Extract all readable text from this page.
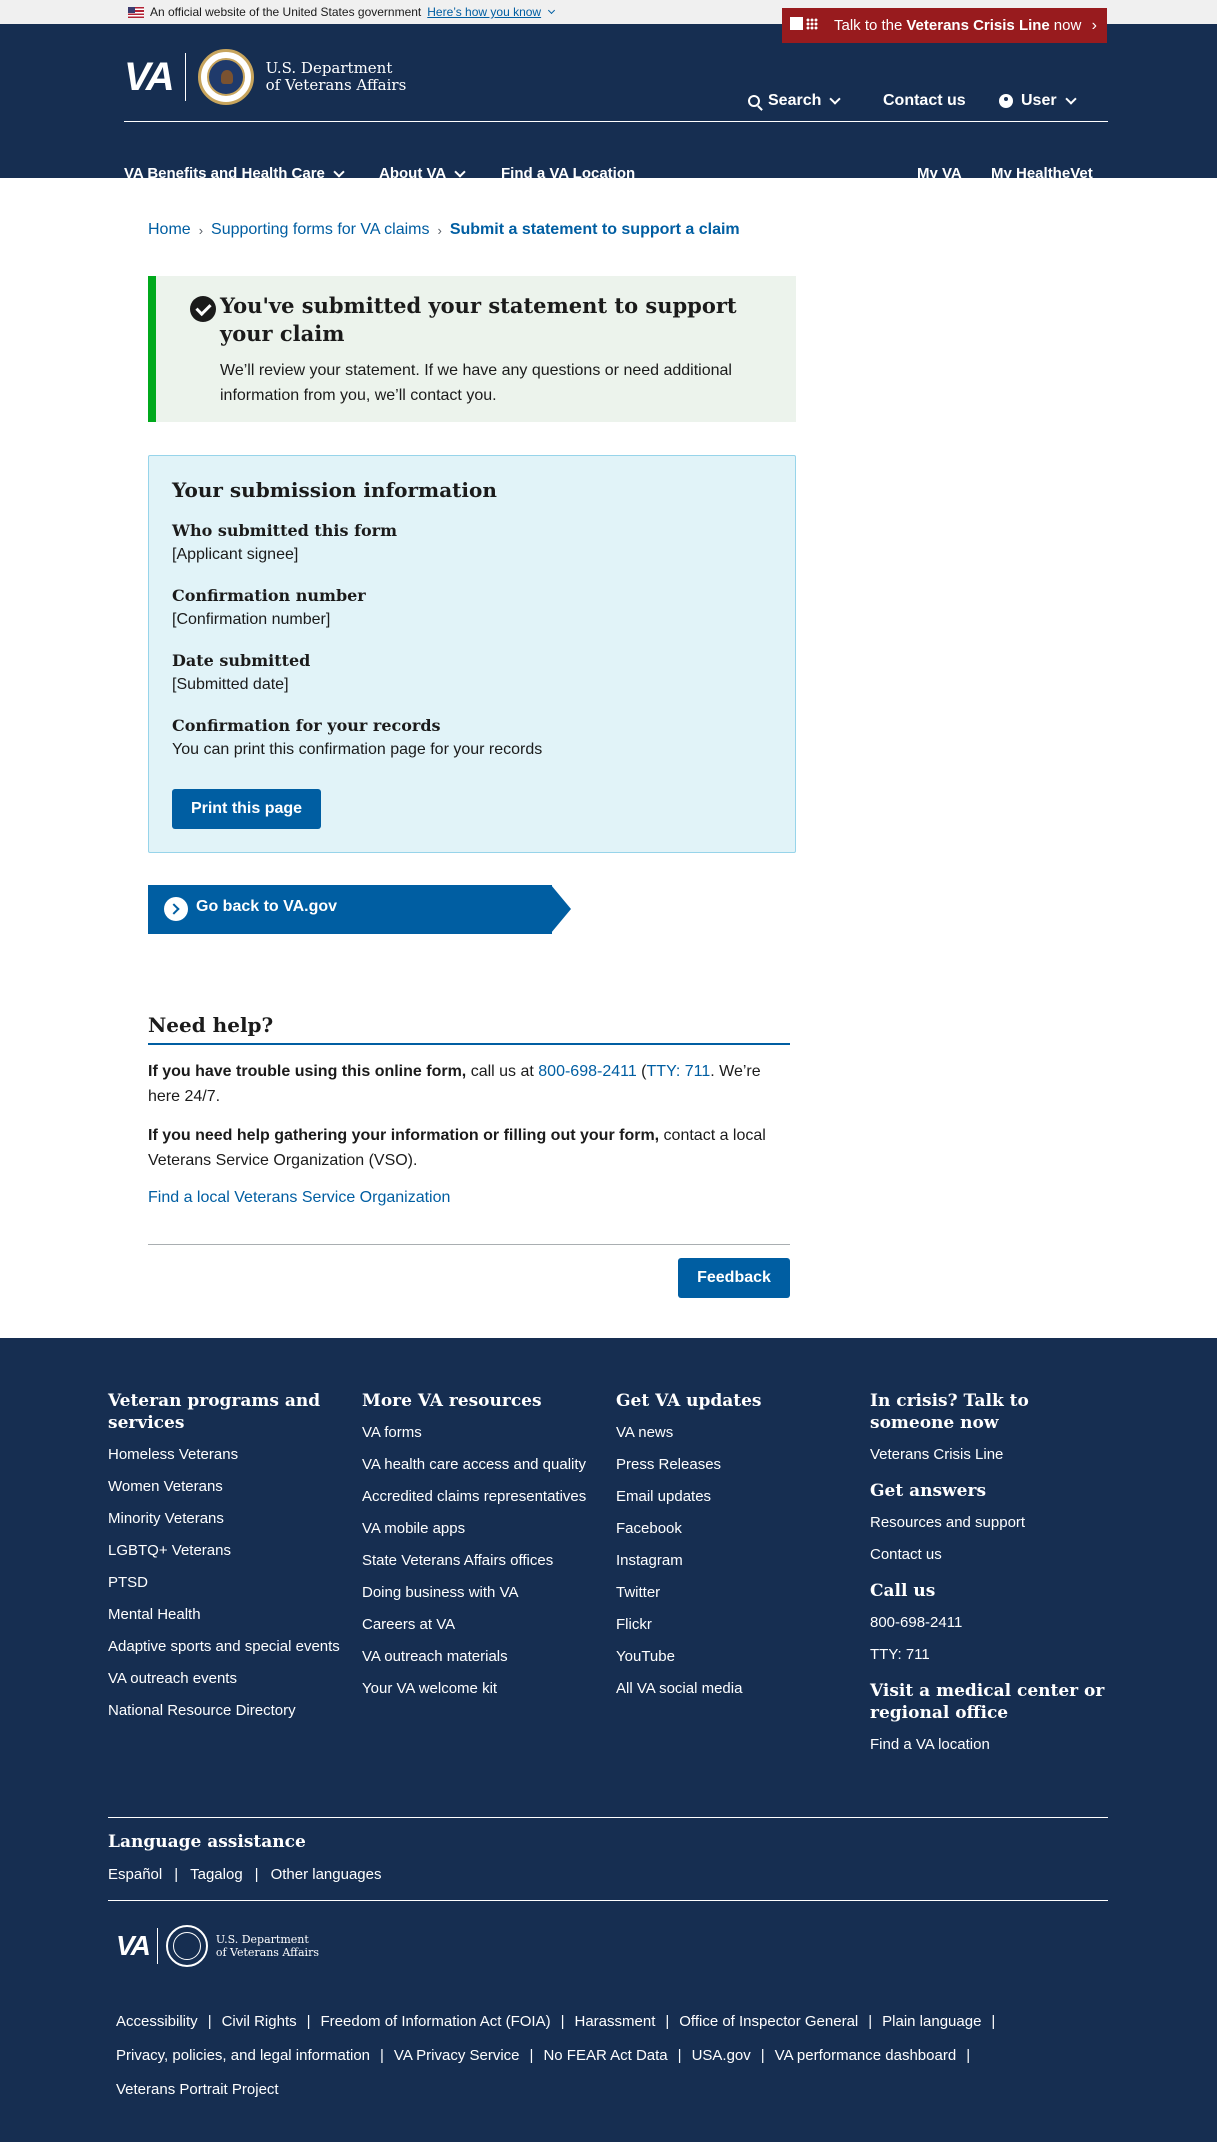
An official website of the United States government Here’s how you know
Talk to the Veterans Crisis Line now ›
VA	U.S. Department
of Veterans Affairs
Search	Contact us	User
VA Benefits and Health Care	About VA	Find a VA Location	My VA My HealtheVet
Home › Supporting forms for VA claims › Submit a statement to support a claim
You've submitted your statement to support your claim

We’ll review your statement. If we have any questions or need additional information from you, we’ll contact you.

Your submission information
Who submitted this form
[Applicant signee]
Confirmation number
[Confirmation number]
Date submitted
[Submitted date]
Confirmation for your records
You can print this confirmation page for your records
Print this page
Go back to VA.gov
Need help?

If you have trouble using this online form, call us at 800-698-2411 (TTY: 711. We’re here 24/7.

If you need help gathering your information or filling out your form, contact a local Veterans Service Organization (VSO).

Find a local Veterans Service Organization
Feedback
Veteran programs and services
Homeless Veterans
Women Veterans
Minority Veterans
LGBTQ+ Veterans
PTSD
Mental Health
Adaptive sports and special events
VA outreach events
National Resource Directory
More VA resources
VA forms
VA health care access and quality
Accredited claims representatives
VA mobile apps
State Veterans Affairs offices
Doing business with VA
Careers at VA
VA outreach materials
Your VA welcome kit
Get VA updates
VA news
Press Releases
Email updates
Facebook
Instagram
Twitter
Flickr
YouTube
All VA social media
In crisis? Talk to someone now
Veterans Crisis Line
Get answers
Resources and support
Contact us
Call us
800-698-2411
TTY: 711
Visit a medical center or regional office
Find a VA location
Language assistance
Español | Tagalog | Other languages
VA	U.S. Department
of Veterans Affairs
Accessibility | Civil Rights | Freedom of Information Act (FOIA) | Harassment | Office of Inspector General | Plain language |
Privacy, policies, and legal information | VA Privacy Service | No FEAR Act Data | USA.gov | VA performance dashboard |
Veterans Portrait Project
